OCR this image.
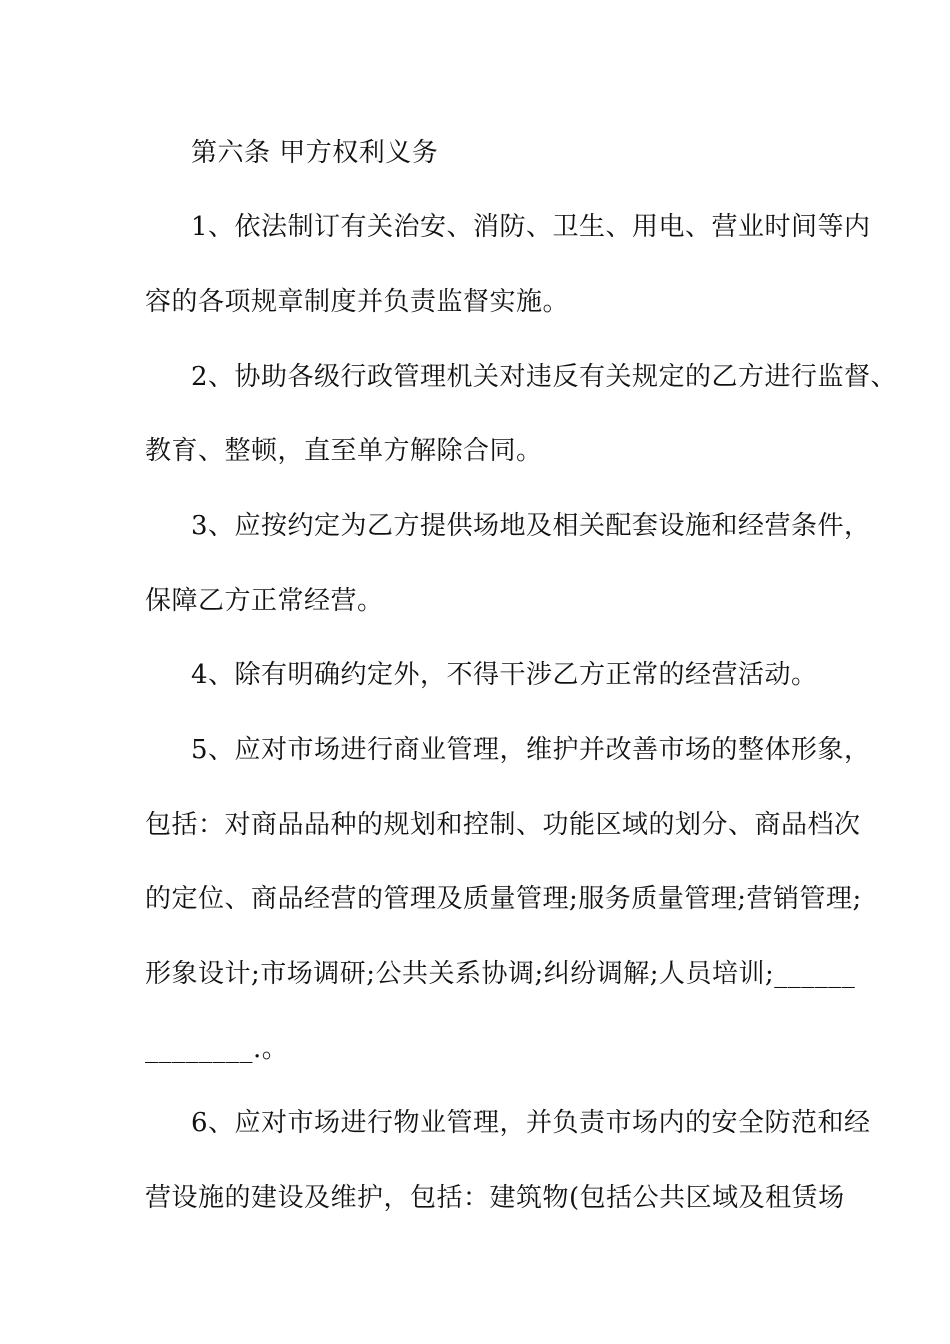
第六条 甲方权利义务
1、依法制订有关治安、消防、卫生、用电、营业时间等内
容的各项规章制度并负责监督实施。
2、协助各级行政管理机关对违反有关规定的乙方进行监督、
教育、整顿，直至单方解除合同。
3、应按约定为乙方提供场地及相关配套设施和经营条件，
保障乙方正常经营。
4、除有明确约定外，不得干涉乙方正常的经营活动。
5、应对市场进行商业管理，维护并改善市场的整体形象，
包括：对商品品种的规划和控制、功能区域的划分、商品档次
的定位、商品经营的管理及质量管理;服务质量管理;营销管理;
形象设计;市场调研;公共关系协调;纠纷调解;人员培训;______
________.。
6、应对市场进行物业管理，并负责市场内的安全防范和经
营设施的建设及维护，包括：建筑物(包括公共区域及租赁场
